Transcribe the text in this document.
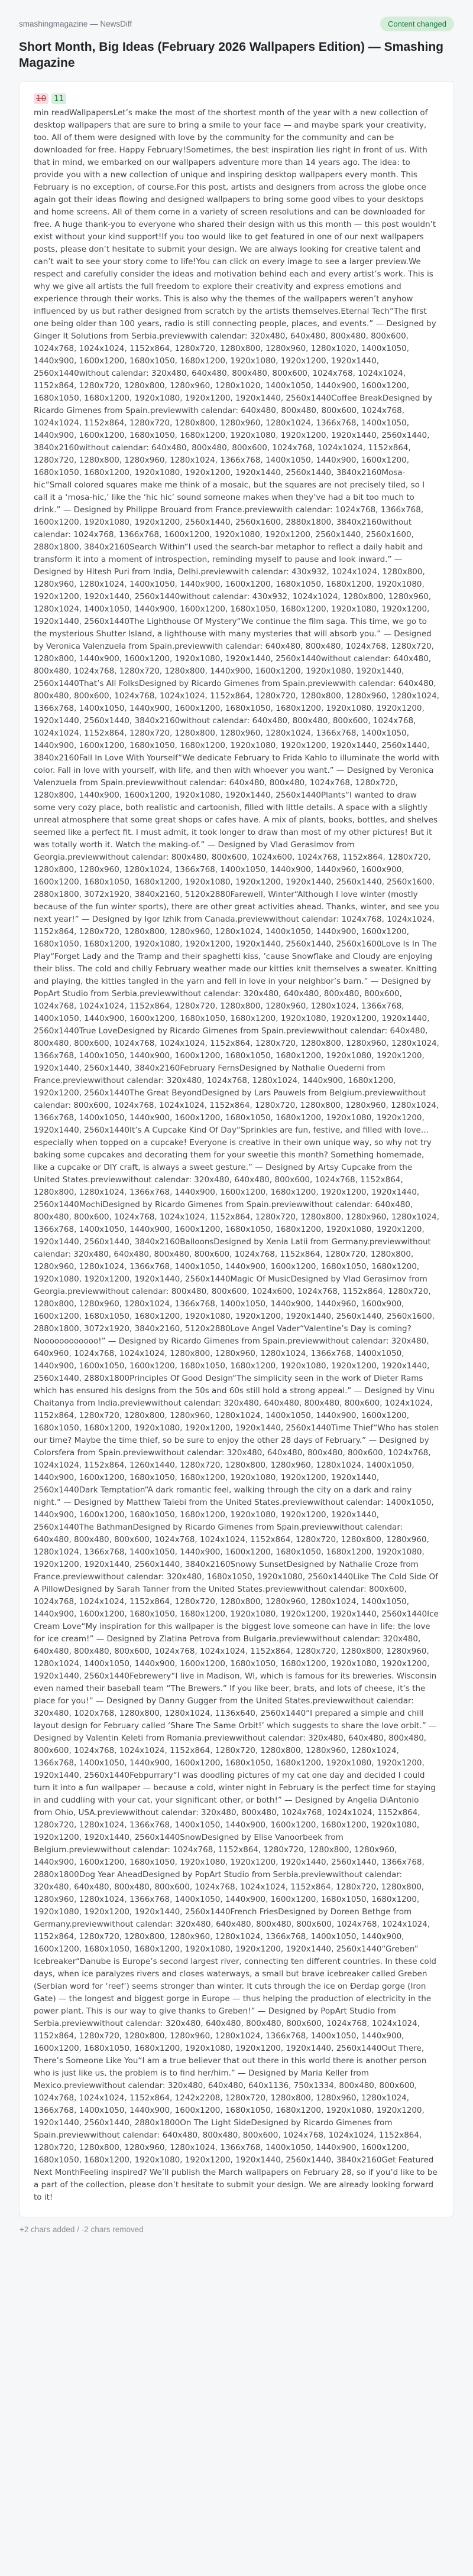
smashingmagazine — NewsDiff	Content changed
Short Month, Big Ideas (February 2026 Wallpapers Edition) — Smashing Magazine
10 11

min readWallpapersLet’s make the most of the shortest month of the year with a new collection of desktop wallpapers that are sure to bring a smile to your face — and maybe spark your creativity, too. All of them were designed with love by the community for the community and can be downloaded for free. Happy February!Sometimes, the best inspiration lies right in front of us. With that in mind, we embarked on our wallpapers adventure more than 14 years ago. The idea: to provide you with a new collection of unique and inspiring desktop wallpapers every month. This February is no exception, of course.For this post, artists and designers from across the globe once again got their ideas flowing and designed wallpapers to bring some good vibes to your desktops and home screens. All of them come in a variety of screen resolutions and can be downloaded for free. A huge thank-you to everyone who shared their design with us this month — this post wouldn’t exist without your kind support!If you too would like to get featured in one of our next wallpapers posts, please don’t hesitate to submit your design. We are always looking for creative talent and can’t wait to see your story come to life!You can click on every image to see a larger preview.We respect and carefully consider the ideas and motivation behind each and every artist’s work. This is why we give all artists the full freedom to explore their creativity and express emotions and experience through their works. This is also why the themes of the wallpapers weren’t anyhow influenced by us but rather designed from scratch by the artists themselves.Eternal Tech“The first one being older than 100 years, radio is still connecting people, places, and events.” — Designed by Ginger It Solutions from Serbia.previewwith calendar: 320x480, 640x480, 800x480, 800x600, 1024x768, 1024x1024, 1152x864, 1280x720, 1280x800, 1280x960, 1280x1020, 1400x1050, 1440x900, 1600x1200, 1680x1050, 1680x1200, 1920x1080, 1920x1200, 1920x1440, 2560x1440without calendar: 320x480, 640x480, 800x480, 800x600, 1024x768, 1024x1024, 1152x864, 1280x720, 1280x800, 1280x960, 1280x1020, 1400x1050, 1440x900, 1600x1200, 1680x1050, 1680x1200, 1920x1080, 1920x1200, 1920x1440, 2560x1440Coffee BreakDesigned by Ricardo Gimenes from Spain.previewwith calendar: 640x480, 800x480, 800x600, 1024x768, 1024x1024, 1152x864, 1280x720, 1280x800, 1280x960, 1280x1024, 1366x768, 1400x1050, 1440x900, 1600x1200, 1680x1050, 1680x1200, 1920x1080, 1920x1200, 1920x1440, 2560x1440, 3840x2160without calendar: 640x480, 800x480, 800x600, 1024x768, 1024x1024, 1152x864, 1280x720, 1280x800, 1280x960, 1280x1024, 1366x768, 1400x1050, 1440x900, 1600x1200, 1680x1050, 1680x1200, 1920x1080, 1920x1200, 1920x1440, 2560x1440, 3840x2160Mosa-hic“Small colored squares make me think of a mosaic, but the squares are not precisely tiled, so I call it a ‘mosa-hic,’ like the ‘hic hic’ sound someone makes when they’ve had a bit too much to drink.” — Designed by Philippe Brouard from France.previewwith calendar: 1024x768, 1366x768, 1600x1200, 1920x1080, 1920x1200, 2560x1440, 2560x1600, 2880x1800, 3840x2160without calendar: 1024x768, 1366x768, 1600x1200, 1920x1080, 1920x1200, 2560x1440, 2560x1600, 2880x1800, 3840x2160Search Within“I used the search-bar metaphor to reflect a daily habit and transform it into a moment of introspection, reminding myself to pause and look inward.” — Designed by Hitesh Puri from India, Delhi.previewwith calendar: 430x932, 1024x1024, 1280x800, 1280x960, 1280x1024, 1400x1050, 1440x900, 1600x1200, 1680x1050, 1680x1200, 1920x1080, 1920x1200, 1920x1440, 2560x1440without calendar: 430x932, 1024x1024, 1280x800, 1280x960, 1280x1024, 1400x1050, 1440x900, 1600x1200, 1680x1050, 1680x1200, 1920x1080, 1920x1200, 1920x1440, 2560x1440The Lighthouse Of Mystery“We continue the film saga. This time, we go to the mysterious Shutter Island, a lighthouse with many mysteries that will absorb you.” — Designed by Veronica Valenzuela from Spain.previewwith calendar: 640x480, 800x480, 1024x768, 1280x720, 1280x800, 1440x900, 1600x1200, 1920x1080, 1920x1440, 2560x1440without calendar: 640x480, 800x480, 1024x768, 1280x720, 1280x800, 1440x900, 1600x1200, 1920x1080, 1920x1440, 2560x1440That’s All FolksDesigned by Ricardo Gimenes from Spain.previewwith calendar: 640x480, 800x480, 800x600, 1024x768, 1024x1024, 1152x864, 1280x720, 1280x800, 1280x960, 1280x1024, 1366x768, 1400x1050, 1440x900, 1600x1200, 1680x1050, 1680x1200, 1920x1080, 1920x1200, 1920x1440, 2560x1440, 3840x2160without calendar: 640x480, 800x480, 800x600, 1024x768, 1024x1024, 1152x864, 1280x720, 1280x800, 1280x960, 1280x1024, 1366x768, 1400x1050, 1440x900, 1600x1200, 1680x1050, 1680x1200, 1920x1080, 1920x1200, 1920x1440, 2560x1440, 3840x2160Fall In Love With Yourself“We dedicate February to Frida Kahlo to illuminate the world with color. Fall in love with yourself, with life, and then with whoever you want.” — Designed by Veronica Valenzuela from Spain.previewwithout calendar: 640x480, 800x480, 1024x768, 1280x720, 1280x800, 1440x900, 1600x1200, 1920x1080, 1920x1440, 2560x1440Plants“I wanted to draw some very cozy place, both realistic and cartoonish, filled with little details. A space with a slightly unreal atmosphere that some great shops or cafes have. A mix of plants, books, bottles, and shelves seemed like a perfect fit. I must admit, it took longer to draw than most of my other pictures! But it was totally worth it. Watch the making-of.” — Designed by Vlad Gerasimov from Georgia.previewwithout calendar: 800x480, 800x600, 1024x600, 1024x768, 1152x864, 1280x720, 1280x800, 1280x960, 1280x1024, 1366x768, 1400x1050, 1440x900, 1440x960, 1600x900, 1600x1200, 1680x1050, 1680x1200, 1920x1080, 1920x1200, 1920x1440, 2560x1440, 2560x1600, 2880x1800, 3072x1920, 3840x2160, 5120x2880Farewell, Winter“Although I love winter (mostly because of the fun winter sports), there are other great activities ahead. Thanks, winter, and see you next year!” — Designed by Igor Izhik from Canada.previewwithout calendar: 1024x768, 1024x1024, 1152x864, 1280x720, 1280x800, 1280x960, 1280x1024, 1400x1050, 1440x900, 1600x1200, 1680x1050, 1680x1200, 1920x1080, 1920x1200, 1920x1440, 2560x1440, 2560x1600Love Is In The Play“Forget Lady and the Tramp and their spaghetti kiss, ’cause Snowflake and Cloudy are enjoying their bliss. The cold and chilly February weather made our kitties knit themselves a sweater. Knitting and playing, the kitties tangled in the yarn and fell in love in your neighbor’s barn.” — Designed by PopArt Studio from Serbia.previewwithout calendar: 320x480, 640x480, 800x480, 800x600, 1024x768, 1024x1024, 1152x864, 1280x720, 1280x800, 1280x960, 1280x1024, 1366x768, 1400x1050, 1440x900, 1600x1200, 1680x1050, 1680x1200, 1920x1080, 1920x1200, 1920x1440, 2560x1440True LoveDesigned by Ricardo Gimenes from Spain.previewwithout calendar: 640x480, 800x480, 800x600, 1024x768, 1024x1024, 1152x864, 1280x720, 1280x800, 1280x960, 1280x1024, 1366x768, 1400x1050, 1440x900, 1600x1200, 1680x1050, 1680x1200, 1920x1080, 1920x1200, 1920x1440, 2560x1440, 3840x2160February FernsDesigned by Nathalie Ouederni from France.previewwithout calendar: 320x480, 1024x768, 1280x1024, 1440x900, 1680x1200, 1920x1200, 2560x1440The Great BeyondDesigned by Lars Pauwels from Belgium.previewwithout calendar: 800x600, 1024x768, 1024x1024, 1152x864, 1280x720, 1280x800, 1280x960, 1280x1024, 1366x768, 1400x1050, 1440x900, 1600x1200, 1680x1050, 1680x1200, 1920x1080, 1920x1200, 1920x1440, 2560x1440It’s A Cupcake Kind Of Day“Sprinkles are fun, festive, and filled with love… especially when topped on a cupcake! Everyone is creative in their own unique way, so why not try baking some cupcakes and decorating them for your sweetie this month? Something homemade, like a cupcake or DIY craft, is always a sweet gesture.” — Designed by Artsy Cupcake from the United States.previewwithout calendar: 320x480, 640x480, 800x600, 1024x768, 1152x864, 1280x800, 1280x1024, 1366x768, 1440x900, 1600x1200, 1680x1200, 1920x1200, 1920x1440, 2560x1440MochiDesigned by Ricardo Gimenes from Spain.previewwithout calendar: 640x480, 800x480, 800x600, 1024x768, 1024x1024, 1152x864, 1280x720, 1280x800, 1280x960, 1280x1024, 1366x768, 1400x1050, 1440x900, 1600x1200, 1680x1050, 1680x1200, 1920x1080, 1920x1200, 1920x1440, 2560x1440, 3840x2160BalloonsDesigned by Xenia Latii from Germany.previewwithout calendar: 320x480, 640x480, 800x480, 800x600, 1024x768, 1152x864, 1280x720, 1280x800, 1280x960, 1280x1024, 1366x768, 1400x1050, 1440x900, 1600x1200, 1680x1050, 1680x1200, 1920x1080, 1920x1200, 1920x1440, 2560x1440Magic Of MusicDesigned by Vlad Gerasimov from Georgia.previewwithout calendar: 800x480, 800x600, 1024x600, 1024x768, 1152x864, 1280x720, 1280x800, 1280x960, 1280x1024, 1366x768, 1400x1050, 1440x900, 1440x960, 1600x900, 1600x1200, 1680x1050, 1680x1200, 1920x1080, 1920x1200, 1920x1440, 2560x1440, 2560x1600, 2880x1800, 3072x1920, 3840x2160, 5120x2880Love Angel Vader“Valentine’s Day is coming? Noooooooooooo!” — Designed by Ricardo Gimenes from Spain.previewwithout calendar: 320x480, 640x960, 1024x768, 1024x1024, 1280x800, 1280x960, 1280x1024, 1366x768, 1400x1050, 1440x900, 1600x1050, 1600x1200, 1680x1050, 1680x1200, 1920x1080, 1920x1200, 1920x1440, 2560x1440, 2880x1800Principles Of Good Design“The simplicity seen in the work of Dieter Rams which has ensured his designs from the 50s and 60s still hold a strong appeal.” — Designed by Vinu Chaitanya from India.previewwithout calendar: 320x480, 640x480, 800x480, 800x600, 1024x1024, 1152x864, 1280x720, 1280x800, 1280x960, 1280x1024, 1400x1050, 1440x900, 1600x1200, 1680x1050, 1680x1200, 1920x1080, 1920x1200, 1920x1440, 2560x1440Time Thief“Who has stolen our time? Maybe the time thief, so be sure to enjoy the other 28 days of February.” — Designed by Colorsfera from Spain.previewwithout calendar: 320x480, 640x480, 800x480, 800x600, 1024x768, 1024x1024, 1152x864, 1260x1440, 1280x720, 1280x800, 1280x960, 1280x1024, 1400x1050, 1440x900, 1600x1200, 1680x1050, 1680x1200, 1920x1080, 1920x1200, 1920x1440, 2560x1440Dark Temptation“A dark romantic feel, walking through the city on a dark and rainy night.” — Designed by Matthew Talebi from the United States.previewwithout calendar: 1400x1050, 1440x900, 1600x1200, 1680x1050, 1680x1200, 1920x1080, 1920x1200, 1920x1440, 2560x1440The BathmanDesigned by Ricardo Gimenes from Spain.previewwithout calendar: 640x480, 800x480, 800x600, 1024x768, 1024x1024, 1152x864, 1280x720, 1280x800, 1280x960, 1280x1024, 1366x768, 1400x1050, 1440x900, 1600x1200, 1680x1050, 1680x1200, 1920x1080, 1920x1200, 1920x1440, 2560x1440, 3840x2160Snowy SunsetDesigned by Nathalie Croze from France.previewwithout calendar: 320x480, 1680x1050, 1920x1080, 2560x1440Like The Cold Side Of A PillowDesigned by Sarah Tanner from the United States.previewwithout calendar: 800x600, 1024x768, 1024x1024, 1152x864, 1280x720, 1280x800, 1280x960, 1280x1024, 1400x1050, 1440x900, 1600x1200, 1680x1050, 1680x1200, 1920x1080, 1920x1200, 1920x1440, 2560x1440Ice Cream Love“My inspiration for this wallpaper is the biggest love someone can have in life: the love for ice cream!” — Designed by Zlatina Petrova from Bulgaria.previewwithout calendar: 320x480, 640x480, 800x480, 800x600, 1024x768, 1024x1024, 1152x864, 1280x720, 1280x800, 1280x960, 1280x1024, 1400x1050, 1440x900, 1600x1200, 1680x1050, 1680x1200, 1920x1080, 1920x1200, 1920x1440, 2560x1440Febrewery“I live in Madison, WI, which is famous for its breweries. Wisconsin even named their baseball team “The Brewers.” If you like beer, brats, and lots of cheese, it’s the place for you!” — Designed by Danny Gugger from the United States.previewwithout calendar: 320x480, 1020x768, 1280x800, 1280x1024, 1136x640, 2560x1440“I prepared a simple and chill layout design for February called ‘Share The Same Orbit!’ which suggests to share the love orbit.” — Designed by Valentin Keleti from Romania.previewwithout calendar: 320x480, 640x480, 800x480, 800x600, 1024x768, 1024x1024, 1152x864, 1280x720, 1280x800, 1280x960, 1280x1024, 1366x768, 1400x1050, 1440x900, 1600x1200, 1680x1050, 1680x1200, 1920x1080, 1920x1200, 1920x1440, 2560x1440Febpurrary“I was doodling pictures of my cat one day and decided I could turn it into a fun wallpaper — because a cold, winter night in February is the perfect time for staying in and cuddling with your cat, your significant other, or both!” — Designed by Angelia DiAntonio from Ohio, USA.previewwithout calendar: 320x480, 800x480, 1024x768, 1024x1024, 1152x864, 1280x720, 1280x1024, 1366x768, 1400x1050, 1440x900, 1600x1200, 1680x1200, 1920x1080, 1920x1200, 1920x1440, 2560x1440SnowDesigned by Elise Vanoorbeek from Belgium.previewwithout calendar: 1024x768, 1152x864, 1280x720, 1280x800, 1280x960, 1440x900, 1600x1200, 1680x1050, 1920x1080, 1920x1200, 1920x1440, 2560x1440, 1366x768, 2880x1800Dog Year AheadDesigned by PopArt Studio from Serbia.previewwithout calendar: 320x480, 640x480, 800x480, 800x600, 1024x768, 1024x1024, 1152x864, 1280x720, 1280x800, 1280x960, 1280x1024, 1366x768, 1400x1050, 1440x900, 1600x1200, 1680x1050, 1680x1200, 1920x1080, 1920x1200, 1920x1440, 2560x1440French FriesDesigned by Doreen Bethge from Germany.previewwithout calendar: 320x480, 640x480, 800x480, 800x600, 1024x768, 1024x1024, 1152x864, 1280x720, 1280x800, 1280x960, 1280x1024, 1366x768, 1400x1050, 1440x900, 1600x1200, 1680x1050, 1680x1200, 1920x1080, 1920x1200, 1920x1440, 2560x1440“Greben” Icebreaker“Danube is Europe’s second largest river, connecting ten different countries. In these cold days, when ice paralyzes rivers and closes waterways, a small but brave icebreaker called Greben (Serbian word for ‘reef’) seems stronger than winter. It cuts through the ice on Đerdap gorge (Iron Gate) — the longest and biggest gorge in Europe — thus helping the production of electricity in the power plant. This is our way to give thanks to Greben!” — Designed by PopArt Studio from Serbia.previewwithout calendar: 320x480, 640x480, 800x480, 800x600, 1024x768, 1024x1024, 1152x864, 1280x720, 1280x800, 1280x960, 1280x1024, 1366x768, 1400x1050, 1440x900, 1600x1200, 1680x1050, 1680x1200, 1920x1080, 1920x1200, 1920x1440, 2560x1440Out There, There’s Someone Like You“I am a true believer that out there in this world there is another person who is just like us, the problem is to find her/him.” — Designed by Maria Keller from Mexico.previewwithout calendar: 320x480, 640x480, 640x1136, 750x1334, 800x480, 800x600, 1024x768, 1024x1024, 1152x864, 1242x2208, 1280x720, 1280x800, 1280x960, 1280x1024, 1366x768, 1400x1050, 1440x900, 1600x1200, 1680x1050, 1680x1200, 1920x1080, 1920x1200, 1920x1440, 2560x1440, 2880x1800On The Light SideDesigned by Ricardo Gimenes from Spain.previewwithout calendar: 640x480, 800x480, 800x600, 1024x768, 1024x1024, 1152x864, 1280x720, 1280x800, 1280x960, 1280x1024, 1366x768, 1400x1050, 1440x900, 1600x1200, 1680x1050, 1680x1200, 1920x1080, 1920x1200, 1920x1440, 2560x1440, 3840x2160Get Featured Next MonthFeeling inspired? We’ll publish the March wallpapers on February 28, so if you’d like to be a part of the collection, please don’t hesitate to submit your design. We are already looking forward to it!

+2 chars added / -2 chars removed
